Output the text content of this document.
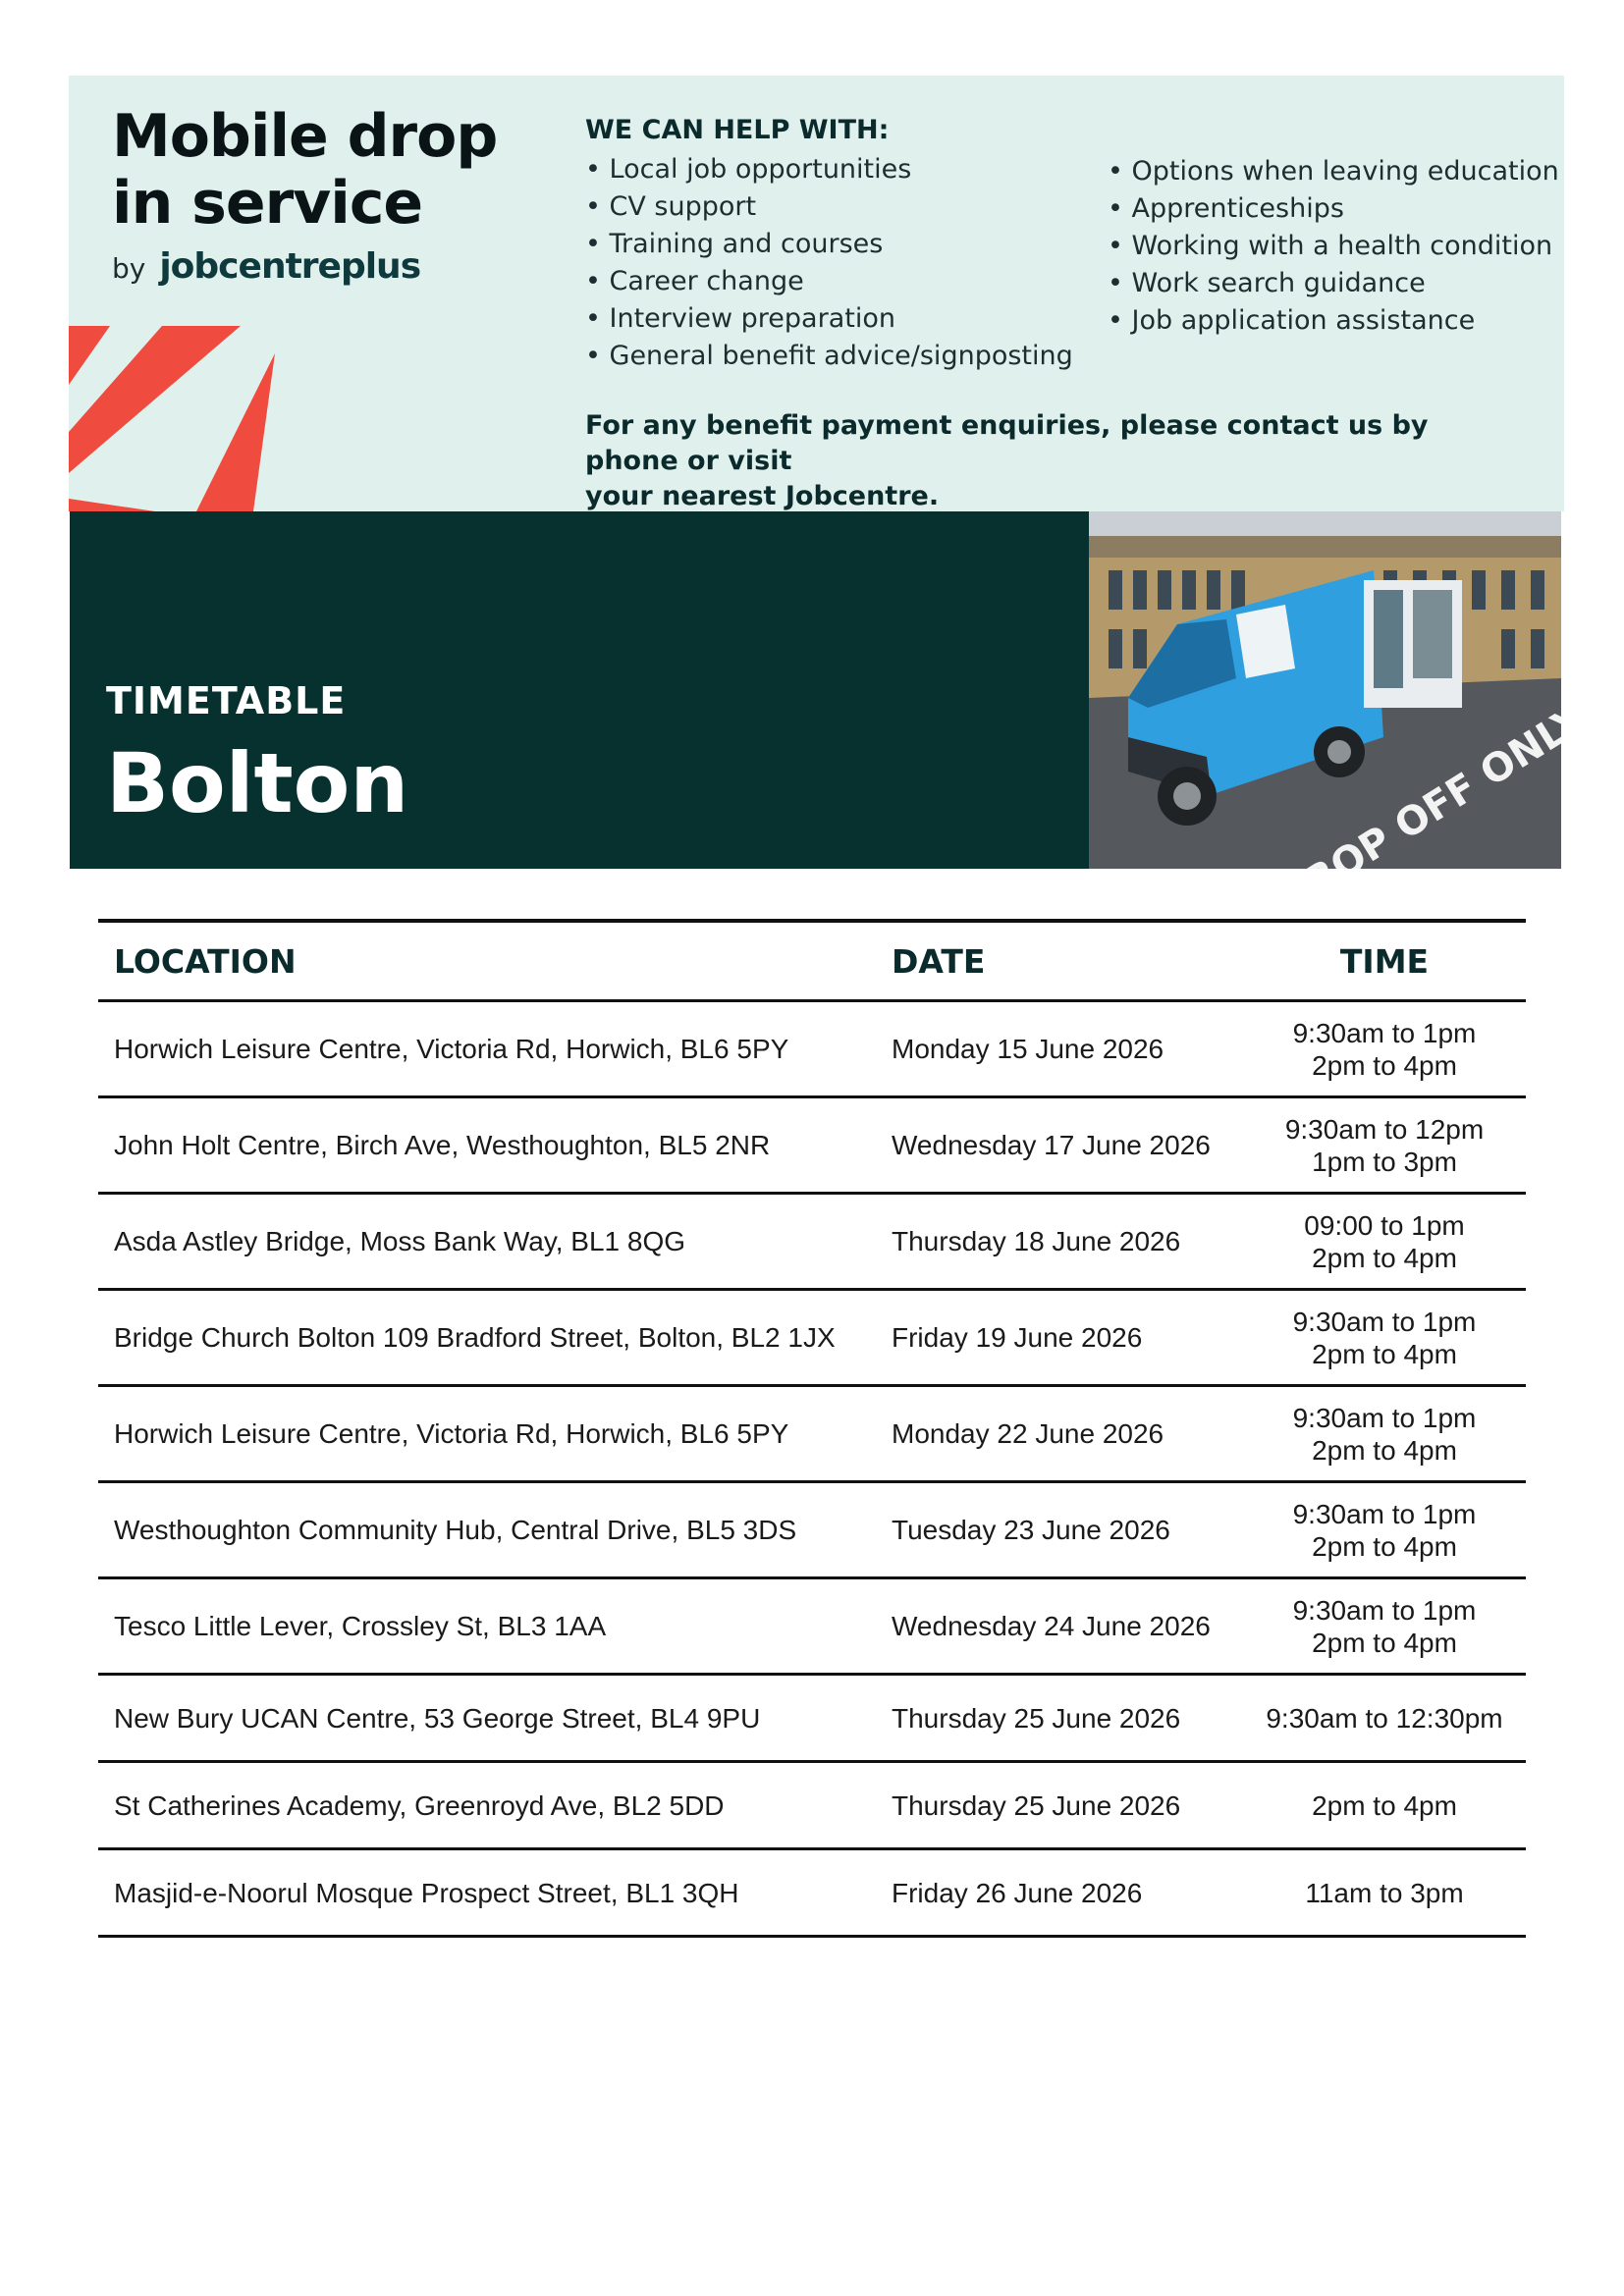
Mobile drop
in service
by jobcentreplus
WE CAN HELP WITH:
• Local job opportunities
• CV support
• Training and courses
• Career change
• Interview preparation
• General benefit advice/signposting
• Options when leaving education
• Apprenticeships
• Working with a health condition
• Work search guidance
• Job application assistance
For any benefit payment enquiries, please contact us by phone or visit
your nearest Jobcentre.
TIMETABLE
Bolton
LOCATION	DATE	TIME
Horwich Leisure Centre, Victoria Rd, Horwich, BL6 5PY	Monday 15 June 2026	9:30am to 1pm
2pm to 4pm

John Holt Centre, Birch Ave, Westhoughton, BL5 2NR	Wednesday 17 June 2026	9:30am to 12pm
1pm to 3pm

Asda Astley Bridge, Moss Bank Way, BL1 8QG	Thursday 18 June 2026	09:00 to 1pm
2pm to 4pm

Bridge Church Bolton 109 Bradford Street, Bolton, BL2 1JX	Friday 19 June 2026	9:30am to 1pm
2pm to 4pm

Horwich Leisure Centre, Victoria Rd, Horwich, BL6 5PY	Monday 22 June 2026	9:30am to 1pm
2pm to 4pm

Westhoughton Community Hub, Central Drive, BL5 3DS	Tuesday 23 June 2026	9:30am to 1pm
2pm to 4pm

Tesco Little Lever, Crossley St, BL3 1AA	Wednesday 24 June 2026	9:30am to 1pm
2pm to 4pm

New Bury UCAN Centre, 53 George Street, BL4 9PU	Thursday 25 June 2026	9:30am to 12:30pm

St Catherines Academy, Greenroyd Ave, BL2 5DD	Thursday 25 June 2026	2pm to 4pm

Masjid-e-Noorul Mosque Prospect Street, BL1 3QH	Friday 26 June 2026	11am to 3pm
